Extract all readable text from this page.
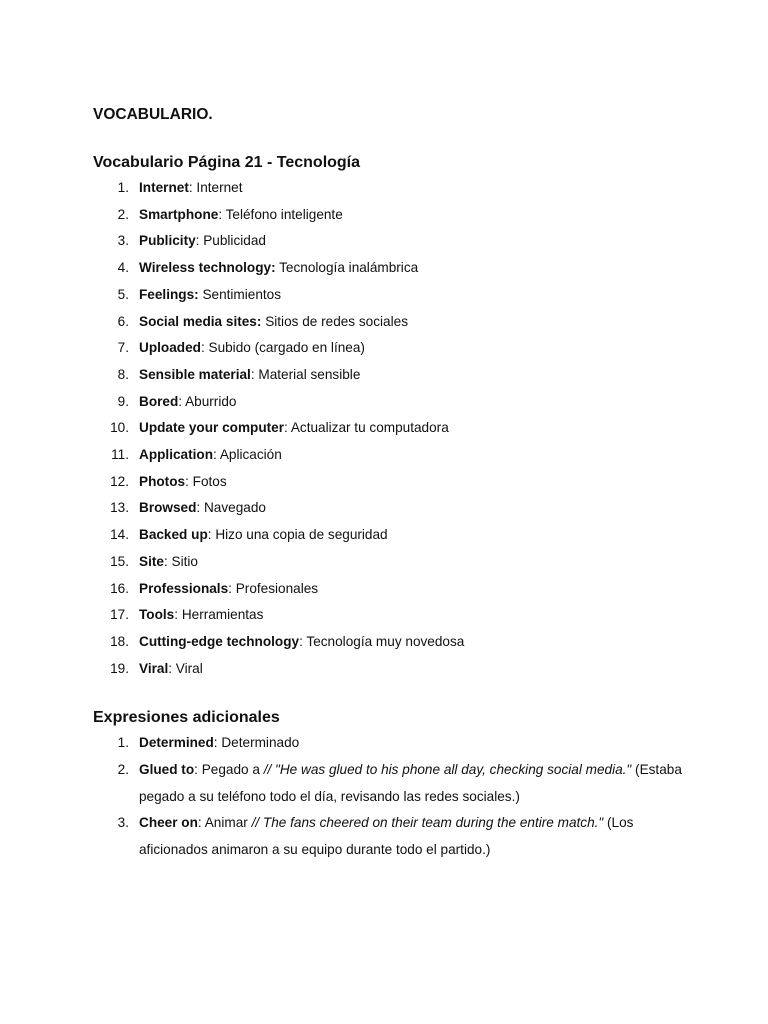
VOCABULARIO.
Vocabulario Página 21 - Tecnología
1. Internet: Internet
2. Smartphone: Teléfono inteligente
3. Publicity: Publicidad
4. Wireless technology: Tecnología inalámbrica
5. Feelings: Sentimientos
6. Social media sites: Sitios de redes sociales
7. Uploaded: Subido (cargado en línea)
8. Sensible material: Material sensible
9. Bored: Aburrido
10. Update your computer: Actualizar tu computadora
11. Application: Aplicación
12. Photos: Fotos
13. Browsed: Navegado
14. Backed up: Hizo una copia de seguridad
15. Site: Sitio
16. Professionals: Profesionales
17. Tools: Herramientas
18. Cutting-edge technology: Tecnología muy novedosa
19. Viral: Viral
Expresiones adicionales
1. Determined: Determinado
2. Glued to: Pegado a // "He was glued to his phone all day, checking social media." (Estaba pegado a su teléfono todo el día, revisando las redes sociales.)
3. Cheer on: Animar // The fans cheered on their team during the entire match." (Los aficionados animaron a su equipo durante todo el partido.)
